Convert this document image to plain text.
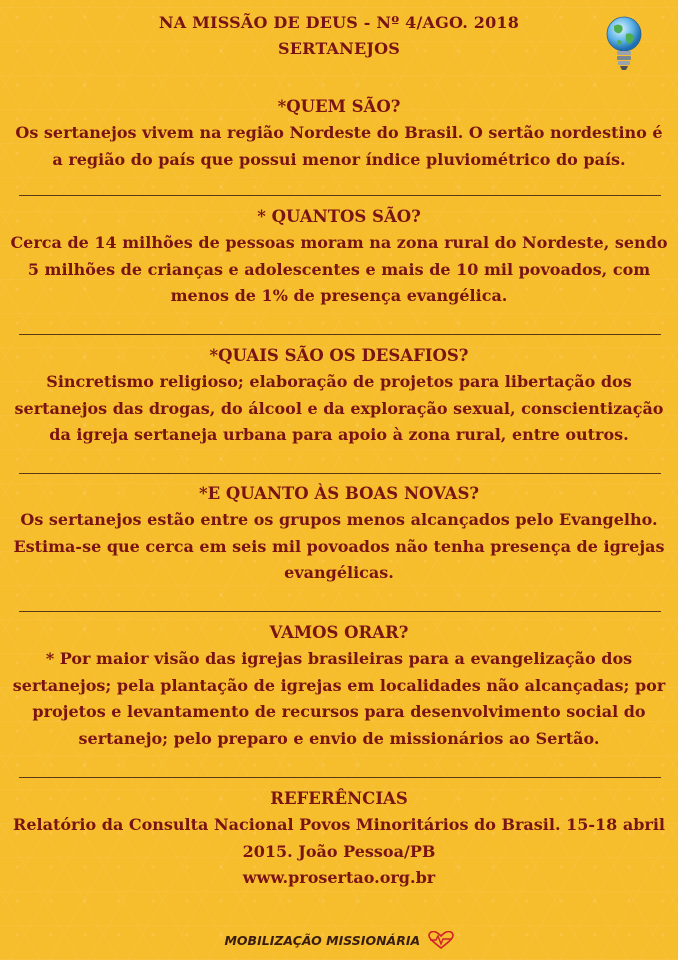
NA MISSÃO DE DEUS - Nº 4/AGO. 2018
SERTANEJOS
*QUEM SÃO?

Os sertanejos vivem na região Nordeste do Brasil. O sertão nordestino é

a região do país que possui menor índice pluviométrico do país.

* QUANTOS SÃO?

Cerca de 14 milhões de pessoas moram na zona rural do Nordeste, sendo

5 milhões de crianças e adolescentes e mais de 10 mil povoados, com

menos de 1% de presença evangélica.

*QUAIS SÃO OS DESAFIOS?

Sincretismo religioso; elaboração de projetos para libertação dos

sertanejos das drogas, do álcool e da exploração sexual, conscientização

da igreja sertaneja urbana para apoio à zona rural, entre outros.

*E QUANTO ÀS BOAS NOVAS?

Os sertanejos estão entre os grupos menos alcançados pelo Evangelho.

Estima-se que cerca em seis mil povoados não tenha presença de igrejas

evangélicas.

VAMOS ORAR?

* Por maior visão das igrejas brasileiras para a evangelização dos

sertanejos; pela plantação de igrejas em localidades não alcançadas; por

projetos e levantamento de recursos para desenvolvimento social do

sertanejo; pelo preparo e envio de missionários ao Sertão.

REFERÊNCIAS

Relatório da Consulta Nacional Povos Minoritários do Brasil. 15-18 abril

2015. João Pessoa/PB

www.prosertao.org.br

MOBILIZAÇÃO MISSIONÁRIA
